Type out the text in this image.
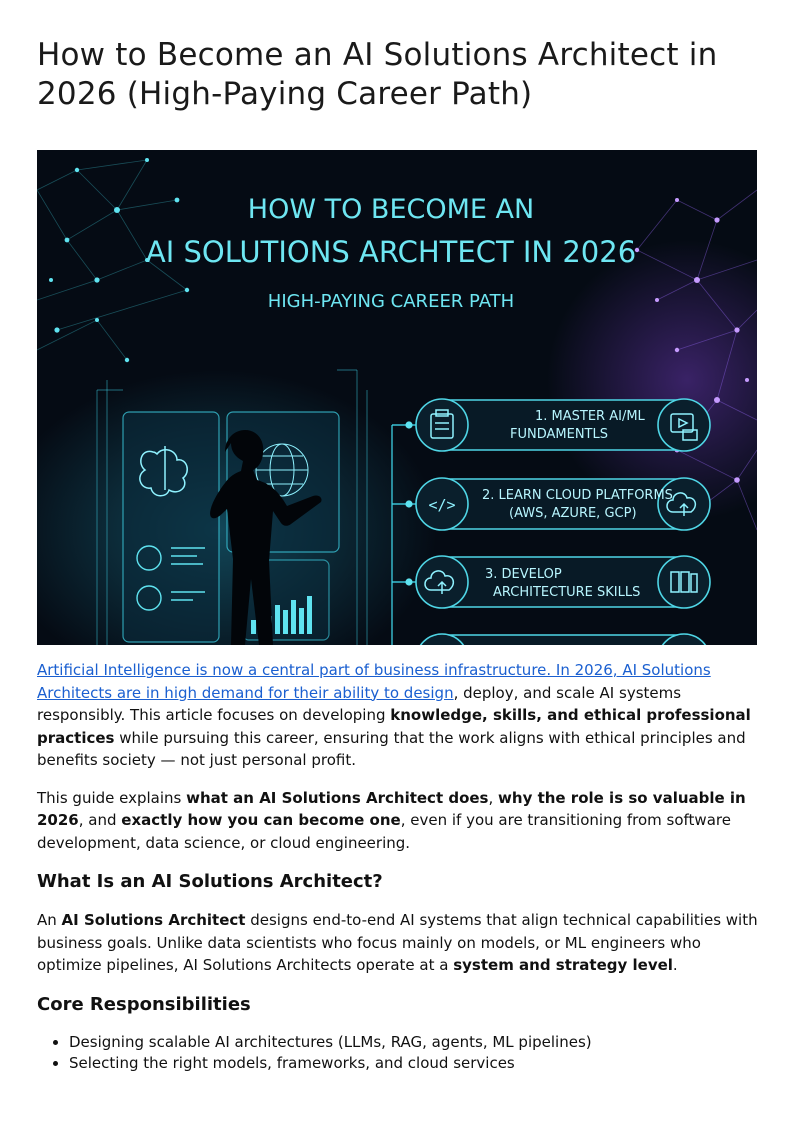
How to Become an AI Solutions Architect in 2026 (High-Paying Career Path)
HOW TO BECOME AN
AI SOLUTIONS ARCHTECT IN 2026
HIGH-PAYING CAREER PATH
1. MASTER AI/ML
FUNDAMENTLS
</>
2. LEARN CLOUD PLATFORMS
(AWS, AZURE, GCP)
3. DEVELOP
ARCHITECTURE SKILLS

Artificial Intelligence is now a central part of business infrastructure. In 2026, AI Solutions Architects are in high demand for their ability to design, deploy, and scale AI systems responsibly. This article focuses on developing knowledge, skills, and ethical professional practices while pursuing this career, ensuring that the work aligns with ethical principles and benefits society — not just personal profit.

This guide explains what an AI Solutions Architect does, why the role is so valuable in 2026, and exactly how you can become one, even if you are transitioning from software development, data science, or cloud engineering.

What Is an AI Solutions Architect?

An AI Solutions Architect designs end-to-end AI systems that align technical capabilities with business goals. Unlike data scientists who focus mainly on models, or ML engineers who optimize pipelines, AI Solutions Architects operate at a system and strategy level.

Core Responsibilities
• Designing scalable AI architectures (LLMs, RAG, agents, ML pipelines)
• Selecting the right models, frameworks, and cloud services
